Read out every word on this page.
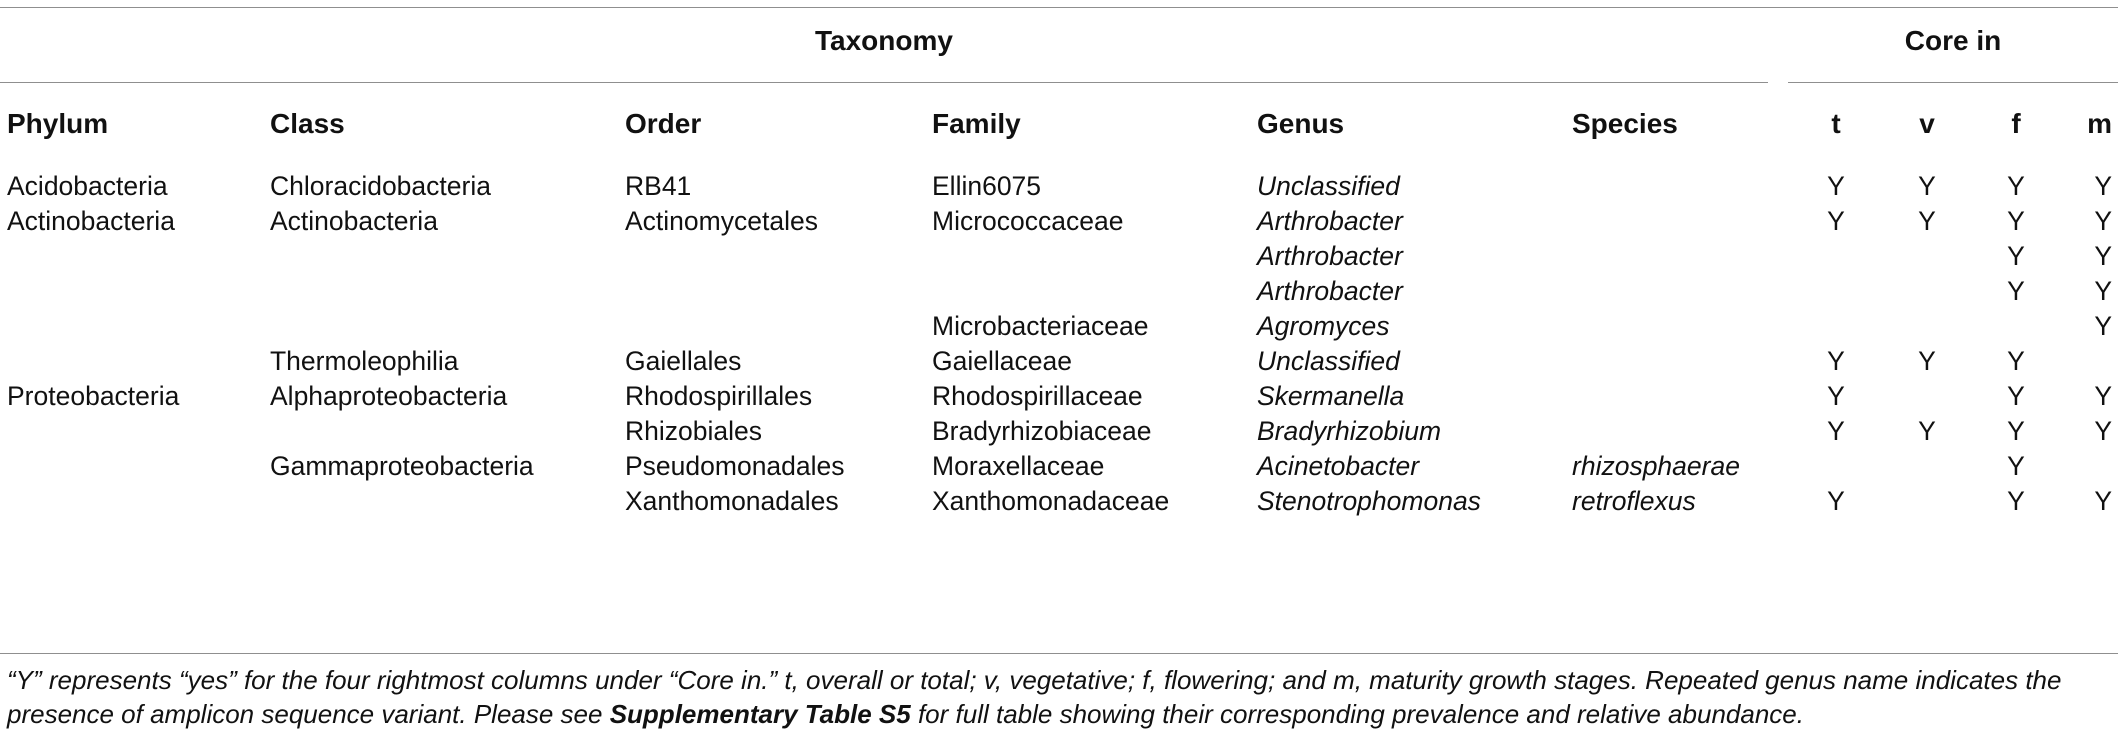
Taxonomy	Core in
Phylum	Class	Order	Family	Genus	Species	t	v	f	m

Acidobacteria	Chloracidobacteria	RB41	Ellin6075	Unclassified		Y	Y	Y	Y
Actinobacteria	Actinobacteria	Actinomycetales	Micrococcaceae	Arthrobacter		Y	Y	Y	Y
				Arthrobacter				Y	Y
				Arthrobacter				Y	Y
			Microbacteriaceae	Agromyces					Y
	Thermoleophilia	Gaiellales	Gaiellaceae	Unclassified		Y	Y	Y	
Proteobacteria	Alphaproteobacteria	Rhodospirillales	Rhodospirillaceae	Skermanella		Y		Y	Y
		Rhizobiales	Bradyrhizobiaceae	Bradyrhizobium		Y	Y	Y	Y
	Gammaproteobacteria	Pseudomonadales	Moraxellaceae	Acinetobacter	rhizosphaerae			Y	
		Xanthomonadales	Xanthomonadaceae	Stenotrophomonas	retroflexus	Y		Y	Y
“Y” represents “yes” for the four rightmost columns under “Core in.” t, overall or total; v, vegetative; f, flowering; and m, maturity growth stages. Repeated genus name indicates the presence of amplicon sequence variant. Please see Supplementary Table S5 for full table showing their corresponding prevalence and relative abundance.
